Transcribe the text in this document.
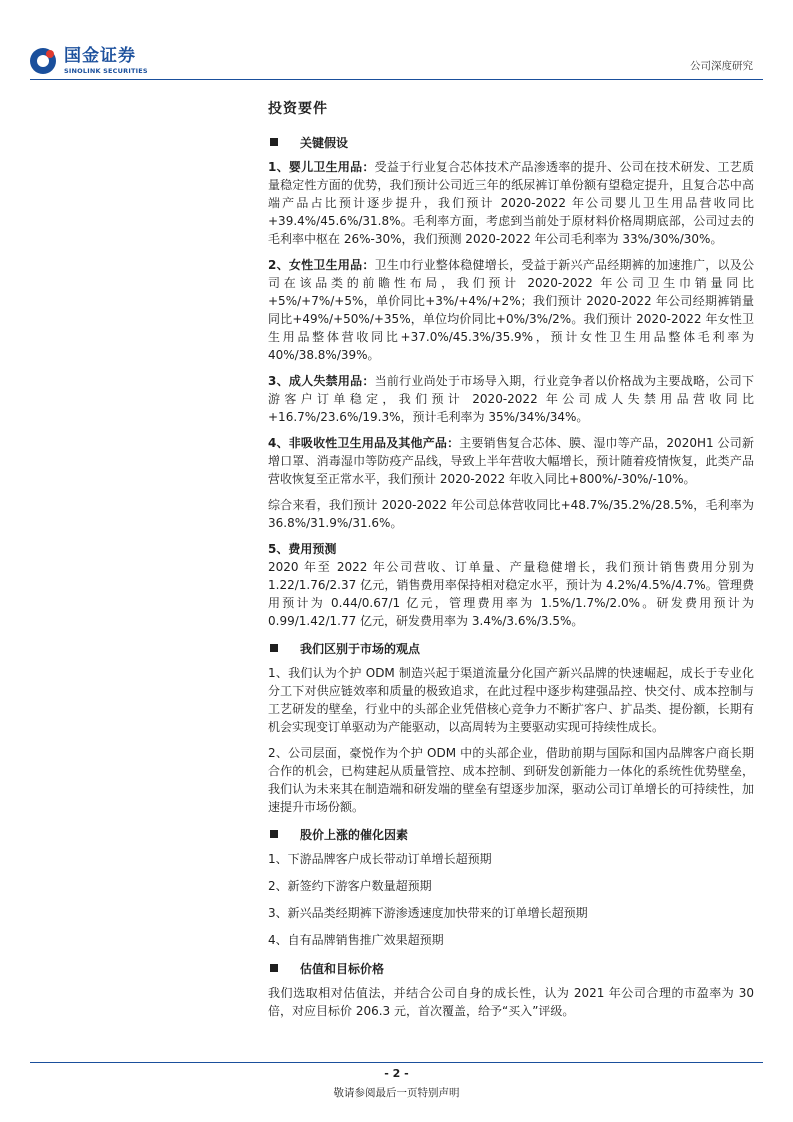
国金证券
SINOLINK SECURITIES	公司深度研究
投资要件
关键假设

1、婴儿卫生用品：受益于行业复合芯体技术产品渗透率的提升、公司在技术研发、工艺质量稳定性方面的优势，我们预计公司近三年的纸尿裤订单份额有望稳定提升，且复合芯中高端产品占比预计逐步提升，我们预计 2020-2022 年公司婴儿卫生用品营收同比+39.4%/45.6%/31.8%。毛利率方面，考虑到当前处于原材料价格周期底部，公司过去的毛利率中枢在 26%-30%，我们预测 2020-2022 年公司毛利率为 33%/30%/30%。

2、女性卫生用品：卫生巾行业整体稳健增长，受益于新兴产品经期裤的加速推广，以及公司在该品类的前瞻性布局，我们预计 2020-2022 年公司卫生巾销量同比+5%/+7%/+5%，单价同比+3%/+4%/+2%；我们预计 2020-2022 年公司经期裤销量同比+49%/+50%/+35%，单位均价同比+0%/3%/2%。我们预计 2020-2022 年女性卫生用品整体营收同比+37.0%/45.3%/35.9%，预计女性卫生用品整体毛利率为 40%/38.8%/39%。

3、成人失禁用品：当前行业尚处于市场导入期，行业竞争者以价格战为主要战略，公司下游客户订单稳定，我们预计 2020-2022 年公司成人失禁用品营收同比+16.7%/23.6%/19.3%，预计毛利率为 35%/34%/34%。

4、非吸收性卫生用品及其他产品：主要销售复合芯体、膜、湿巾等产品，2020H1 公司新增口罩、消毒湿巾等防疫产品线，导致上半年营收大幅增长，预计随着疫情恢复，此类产品营收恢复至正常水平，我们预计 2020-2022 年收入同比+800%/-30%/-10%。

综合来看，我们预计 2020-2022 年公司总体营收同比+48.7%/35.2%/28.5%，毛利率为 36.8%/31.9%/31.6%。

5、费用预测
2020 年至 2022 年公司营收、订单量、产量稳健增长，我们预计销售费用分别为 1.22/1.76/2.37 亿元，销售费用率保持相对稳定水平，预计为 4.2%/4.5%/4.7%。管理费用预计为 0.44/0.67/1 亿元，管理费用率为 1.5%/1.7%/2.0%。研发费用预计为 0.99/1.42/1.77 亿元，研发费用率为 3.4%/3.6%/3.5%。

我们区别于市场的观点

1、我们认为个护 ODM 制造兴起于渠道流量分化国产新兴品牌的快速崛起，成长于专业化分工下对供应链效率和质量的极致追求，在此过程中逐步构建强品控、快交付、成本控制与工艺研发的壁垒，行业中的头部企业凭借核心竞争力不断扩客户、扩品类、提份额，长期有机会实现变订单驱动为产能驱动，以高周转为主要驱动实现可持续性成长。

2、公司层面，豪悦作为个护 ODM 中的头部企业，借助前期与国际和国内品牌客户商长期合作的机会，已构建起从质量管控、成本控制、到研发创新能力一体化的系统性优势壁垒，我们认为未来其在制造端和研发端的壁垒有望逐步加深，驱动公司订单增长的可持续性，加速提升市场份额。

股价上涨的催化因素
1、下游品牌客户成长带动订单增长超预期
2、新签约下游客户数量超预期
3、新兴品类经期裤下游渗透速度加快带来的订单增长超预期
4、自有品牌销售推广效果超预期
估值和目标价格

我们选取相对估值法，并结合公司自身的成长性，认为 2021 年公司合理的市盈率为 30 倍，对应目标价 206.3 元，首次覆盖，给予“买入”评级。

- 2 -
敬请参阅最后一页特别声明
